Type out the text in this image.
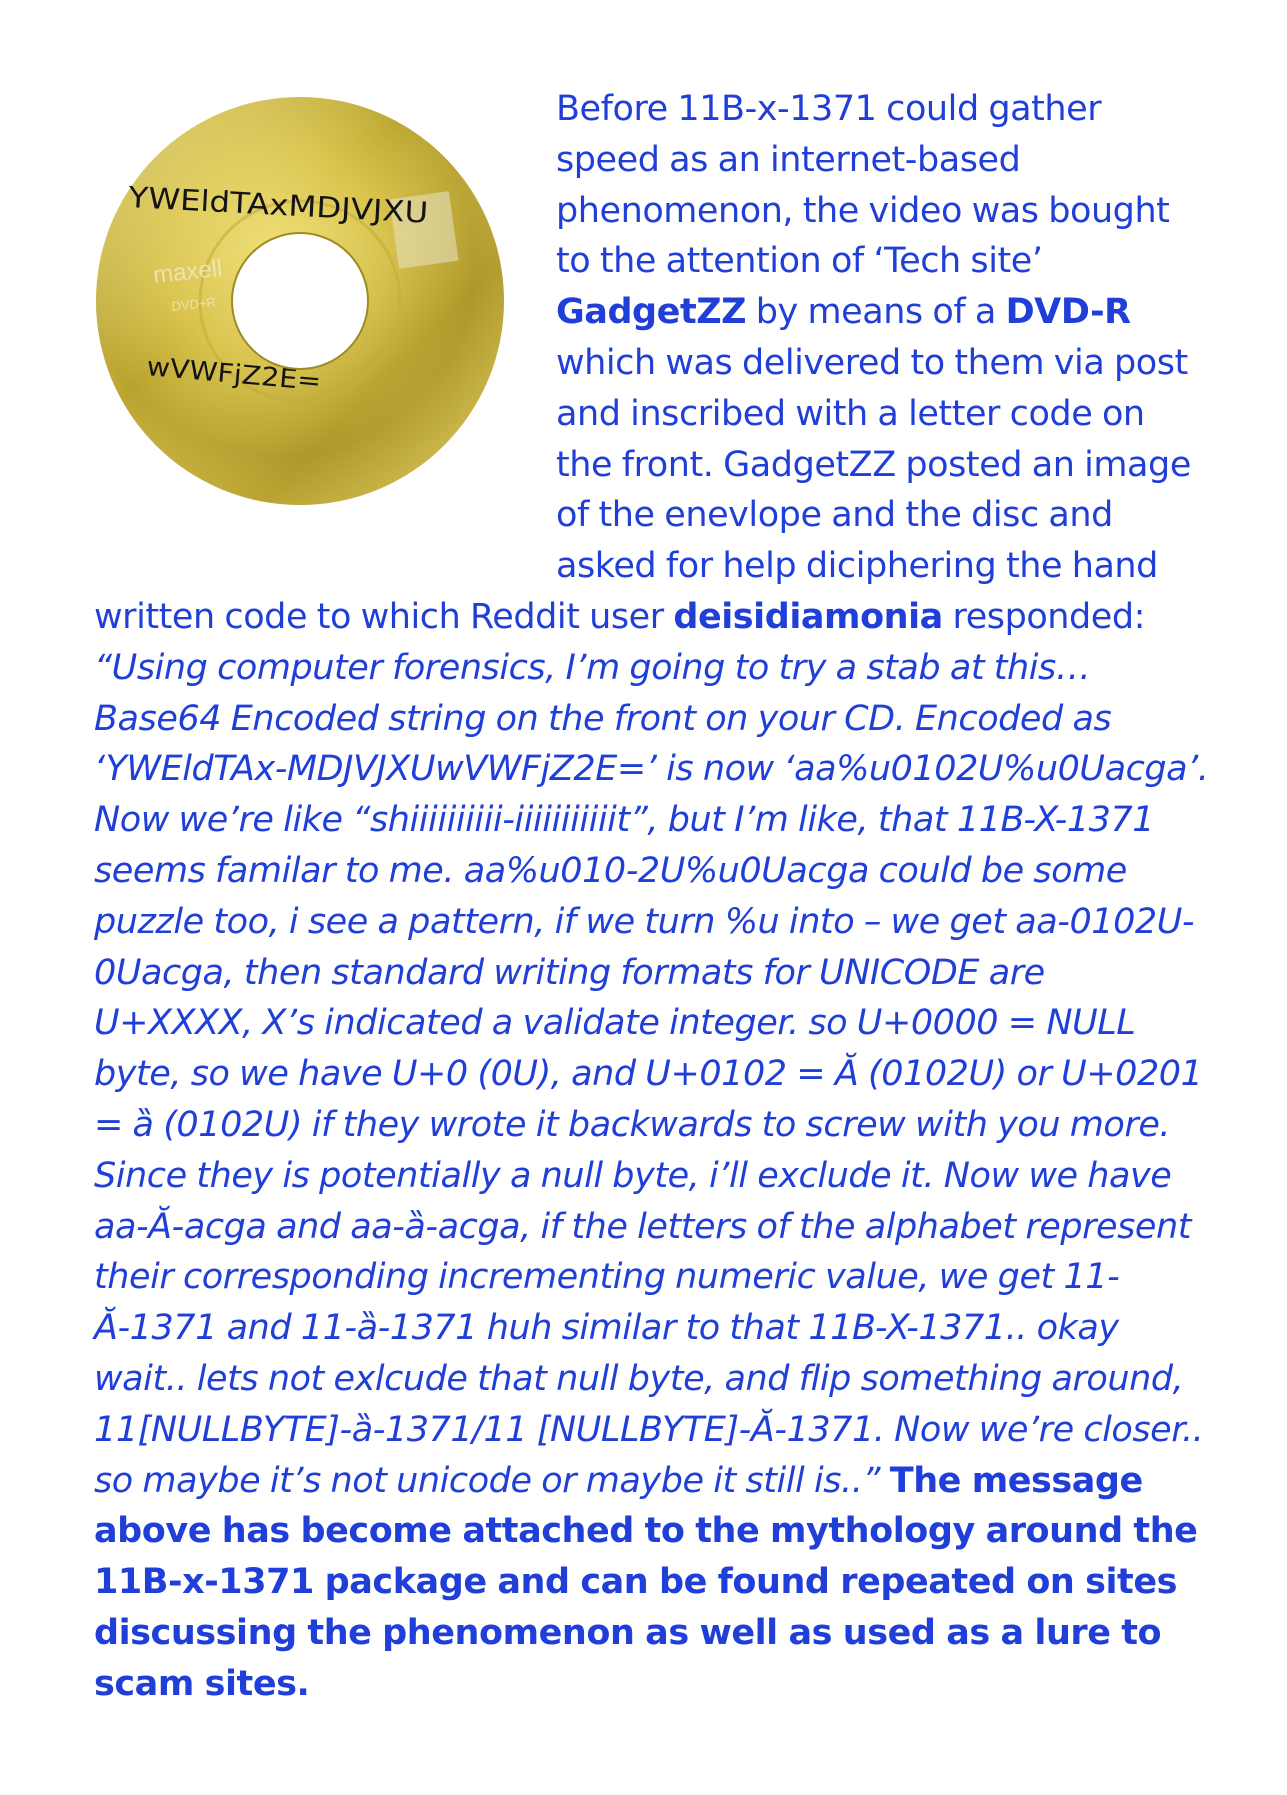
maxell
DVD+R
YWEldTAxMDJVJXU
wVWFjZ2E=
Before 11B-x-1371 could gather speed as an internet-based phenomenon, the video was bought to the attention of ‘Tech site’ GadgetZZ by means of a DVD-R which was delivered to them via post and inscribed with a letter code on the front. GadgetZZ posted an image of the enevlope and the disc and asked for help diciphering the hand written code to which Reddit user deisidiamonia responded: “Using computer forensics, I’m going to try a stab at this… Base64 Encoded string on the front on your CD. Encoded as ‘YWEldTAx-MDJVJXUwVWFjZ2E=’ is now ‘aa%u0102U%u0Uacga’. Now we’re like “shiiiiiiiiii-iiiiiiiiiiit”, but I’m like, that 11B-X-1371 seems familar to me. aa%u010-2U%u0Uacga could be some puzzle too, i see a pattern, if we turn %u into – we get aa-0102U-0Uacga, then standard writing formats for UNICODE are U+XXXX, X’s indicated a validate integer. so U+0000 = NULL byte, so we have U+0 (0U), and U+0102 = Ă (0102U) or U+0201 = ȁ (0102U) if they wrote it backwards to screw with you more. Since they is potentially a null byte, i’ll exclude it. Now we have aa-Ă-acga and aa-ȁ-acga, if the letters of the alphabet represent their corresponding incrementing numeric value, we get 11-Ă-1371 and 11-ȁ-1371 huh similar to that 11B-X-1371.. okay wait.. lets not exlcude that null byte, and flip something around, 11[NULLBYTE]-ȁ-1371/11 [NULLBYTE]-Ă-1371. Now we’re closer.. so maybe it’s not unicode or maybe it still is..” The message above has become attached to the mythology around the 11B-x-1371 package and can be found repeated on sites discussing the phenomenon as well as used as a lure to scam sites.
